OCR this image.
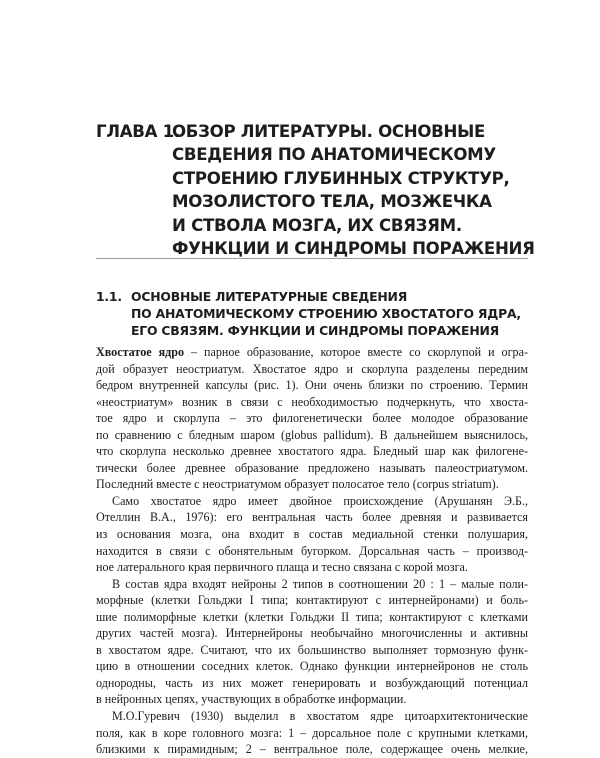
ГЛАВА 1.
ОБЗОР ЛИТЕРАТУРЫ. ОСНОВНЫЕ
СВЕДЕНИЯ ПО АНАТОМИЧЕСКОМУ
СТРОЕНИЮ ГЛУБИННЫХ СТРУКТУР,
МОЗОЛИСТОГО ТЕЛА, МОЗЖЕЧКА
И СТВОЛА МОЗГА, ИХ СВЯЗЯМ.
ФУНКЦИИ И СИНДРОМЫ ПОРАЖЕНИЯ
1.1. ОСНОВНЫЕ ЛИТЕРАТУРНЫЕ СВЕДЕНИЯ
ПО АНАТОМИЧЕСКОМУ СТРОЕНИЮ ХВОСТАТОГО ЯДРА,
ЕГО СВЯЗЯМ. ФУНКЦИИ И СИНДРОМЫ ПОРАЖЕНИЯ
Хвостатое ядро – парное образование, которое вместе со скорлупой и огра-
дой образует неостриатум. Хвостатое ядро и скорлупа разделены передним
бедром внутренней капсулы (рис. 1). Они очень близки по строению. Термин
«неостриатум» возник в связи с необходимостью подчеркнуть, что хвоста-
тое ядро и скорлупа – это филогенетически более молодое образование
по сравнению с бледным шаром (globus pallidum). В дальнейшем выяснилось,
что скорлупа несколько древнее хвостатого ядра. Бледный шар как филогене-
тически более древнее образование предложено называть палеостриатумом.
Последний вместе с неостриатумом образует полосатое тело (corpus striatum).
Само хвостатое ядро имеет двойное происхождение (Арушанян Э.Б.,
Отеллин В.А., 1976): его вентральная часть более древняя и развивается
из основания мозга, она входит в состав медиальной стенки полушария,
находится в связи с обонятельным бугорком. Дорсальная часть – производ-
ное латерального края первичного плаща и тесно связана с корой мозга.
В состав ядра входят нейроны 2 типов в соотношении 20 : 1 – малые поли-
морфные (клетки Гольджи I типа; контактируют с интернейронами) и боль-
шие полиморфные клетки (клетки Гольджи II типа; контактируют с клетками
других частей мозга). Интернейроны необычайно многочисленны и активны
в хвостатом ядре. Считают, что их большинство выполняет тормозную функ-
цию в отношении соседних клеток. Однако функции интернейронов не столь
однородны, часть из них может генерировать и возбуждающий потенциал
в нейронных цепях, участвующих в обработке информации.
М.О.Гуревич (1930) выделил в хвостатом ядре цитоархитектонические
поля, как в коре головного мозга: 1 – дорсальное поле с крупными клетками,
близкими к пирамидным; 2 – вентральное поле, содержащее очень мелкие,
